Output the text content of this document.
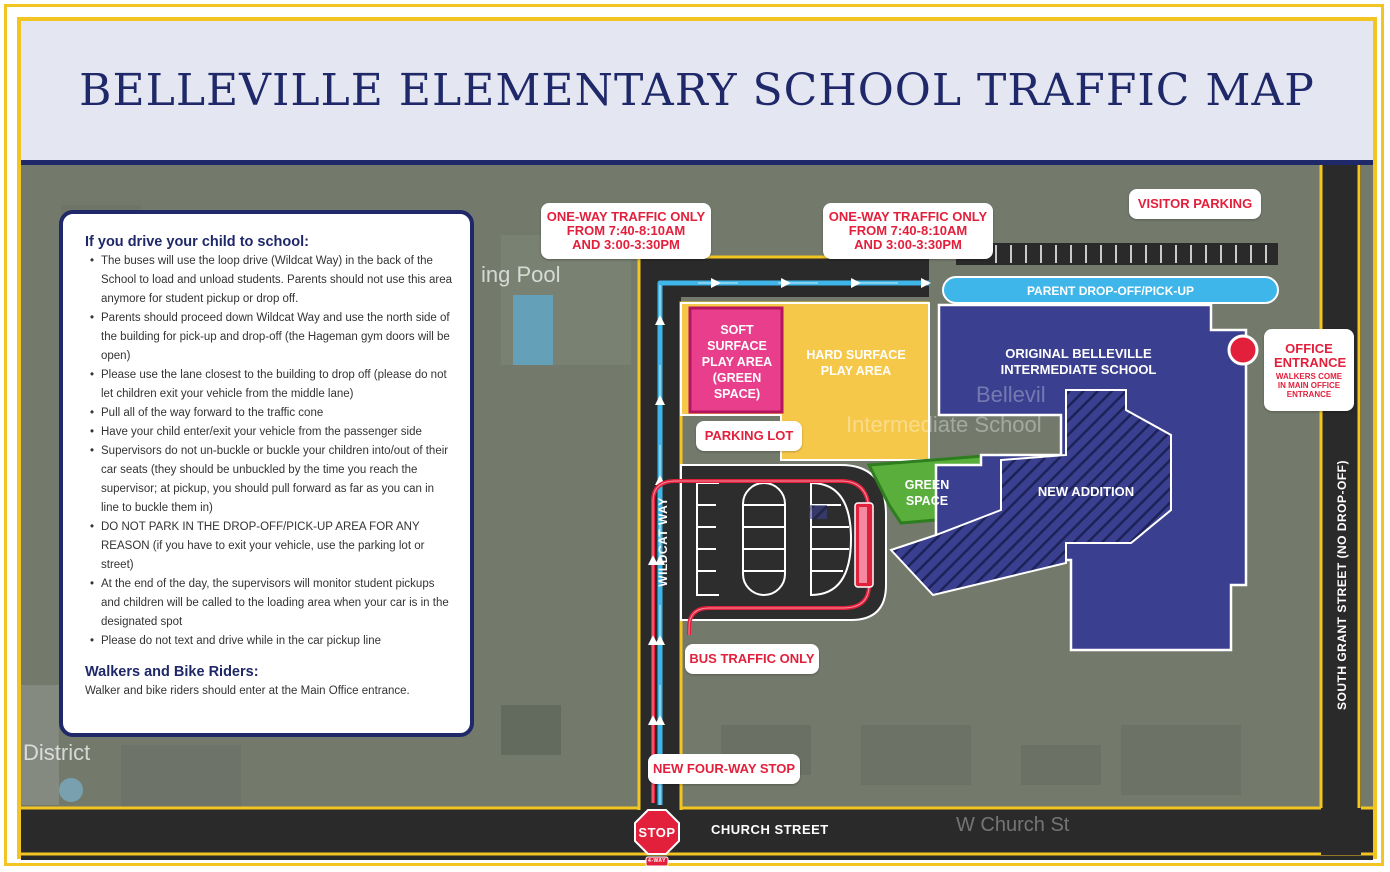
BELLEVILLE ELEMENTARY SCHOOL TRAFFIC MAP
ing Pool
District
Intermediate School
Bellevil
W Church St
PARENT DROP-OFF/PICK-UP
SOFT SURFACE PLAY AREA (GREEN SPACE)
HARD SURFACE PLAY AREA
GREEN SPACE
ORIGINAL BELLEVILLE INTERMEDIATE SCHOOL
NEW ADDITION
WILDCAT WAY
CHURCH STREET
SOUTH GRANT STREET (NO DROP-OFF)
STOP
4-WAY
ONE-WAY TRAFFIC ONLY
FROM 7:40-8:10AM
AND 3:00-3:30PM
ONE-WAY TRAFFIC ONLY
FROM 7:40-8:10AM
AND 3:00-3:30PM
VISITOR PARKING
OFFICE ENTRANCE
WALKERS COME IN MAIN OFFICE ENTRANCE
PARKING LOT
BUS TRAFFIC ONLY
NEW FOUR-WAY STOP
If you drive your child to school:
• The buses will use the loop drive (Wildcat Way) in the back of the School to load and unload students. Parents should not use this area anymore for student pickup or drop off.
• Parents should proceed down Wildcat Way and use the north side of the building for pick-up and drop-off (the Hageman gym doors will be open)
• Please use the lane closest to the building to drop off (please do not let children exit your vehicle from the middle lane)
• Pull all of the way forward to the traffic cone
• Have your child enter/exit your vehicle from the passenger side
• Supervisors do not un-buckle or buckle your children into/out of their car seats (they should be unbuckled by the time you reach the supervisor; at pickup, you should pull forward as far as you can in line to buckle them in)
• DO NOT PARK IN THE DROP-OFF/PICK-UP AREA FOR ANY REASON (if you have to exit your vehicle, use the parking lot or street)
• At the end of the day, the supervisors will monitor student pickups and children will be called to the loading area when your car is in the designated spot
• Please do not text and drive while in the car pickup line
Walkers and Bike Riders:

Walker and bike riders should enter at the Main Office entrance.
